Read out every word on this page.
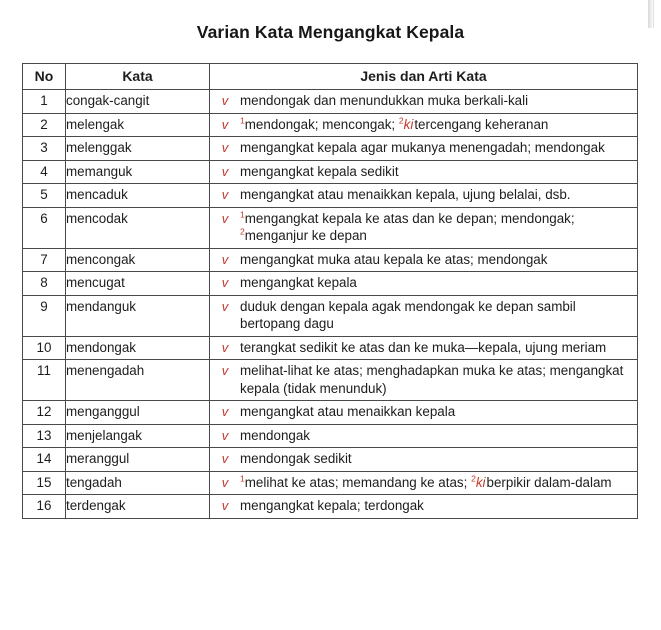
Varian Kata Mengangkat Kepala
No	Kata	Jenis dan Arti Kata
1	congak-cangit	v mendongak dan menundukkan muka berkali-kali

2	melengak	v $^1$mendongak; mencongak; $^2$kitercengang keheranan

3	melenggak	v mengangkat kepala agar mukanya menengadah; mendongak

4	memanguk	v mengangkat kepala sedikit

5	mencaduk	v mengangkat atau menaikkan kepala, ujung belalai, dsb.

6	mencodak	v $^1$mengangkat kepala ke atas dan ke depan; mendongak; $^2$menganjur ke depan

7	mencongak	v mengangkat muka atau kepala ke atas; mendongak

8	mencugat	v mengangkat kepala

9	mendanguk	v duduk dengan kepala agak mendongak ke depan sambil bertopang dagu

10	mendongak	v terangkat sedikit ke atas dan ke muka—kepala, ujung meriam

11	menengadah	v melihat-lihat ke atas; menghadapkan muka ke atas; mengangkat kepala (tidak menunduk)

12	menganggul	v mengangkat atau menaikkan kepala

13	menjelangak	v mendongak

14	meranggul	v mendongak sedikit

15	tengadah	v $^1$melihat ke atas; memandang ke atas; $^2$kiberpikir dalam-dalam

16	terdengak	v mengangkat kepala; terdongak
